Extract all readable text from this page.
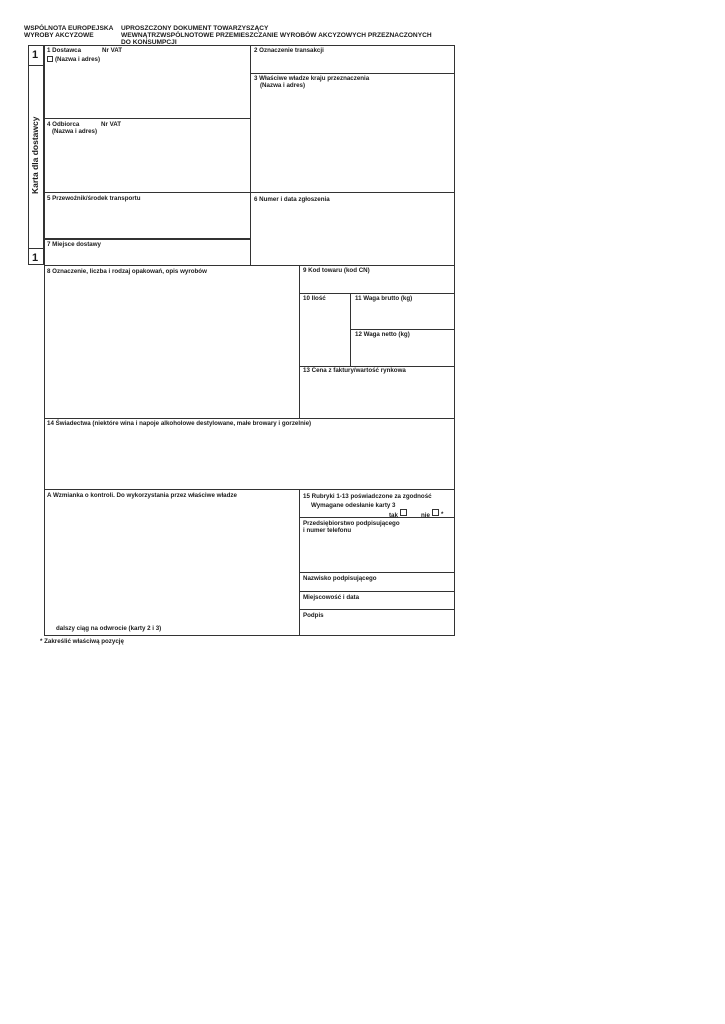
WSPÓLNOTA EUROPEJSKA
WYROBY AKCYZOWE
UPROSZCZONY DOKUMENT TOWARZYSZĄCY
WEWNĄTRZWSPÓLNOTOWE PRZEMIESZCZANIE WYROBÓW AKCYZOWYCH PRZEZNACZONYCH
DO KONSUMPCJI
1
1
Karta dla dostawcy
1 Dostawca	Nr VAT
(Nazwa i adres)
2 Oznaczenie transakcji
3 Właściwe władze kraju przeznaczenia
(Nazwa i adres)
4 Odbiorca	Nr VAT
(Nazwa i adres)
5 Przewoźnik/środek transportu	6 Numer i data zgłoszenia
7 Miejsce dostawy
8 Oznaczenie, liczba i rodzaj opakowań, opis wyrobów	9 Kod towaru (kod CN)
10 Ilość	11 Waga brutto (kg)
12 Waga netto (kg)
13 Cena z faktury/wartość rynkowa
14 Świadectwa (niektóre wina i napoje alkoholowe destylowane, małe browary i gorzelnie)
A Wzmianka o kontroli. Do wykorzystania przez właściwe władze
dalszy ciąg na odwrocie (karty 2 i 3)
15 Rubryki 1-13 poświadczone za zgodność
Wymagane odesłanie karty 3
tak	nie *
Przedsiębiorstwo podpisującego
i numer telefonu
Nazwisko podpisującego
Miejscowość i data
Podpis
* Zakreślić właściwą pozycję
